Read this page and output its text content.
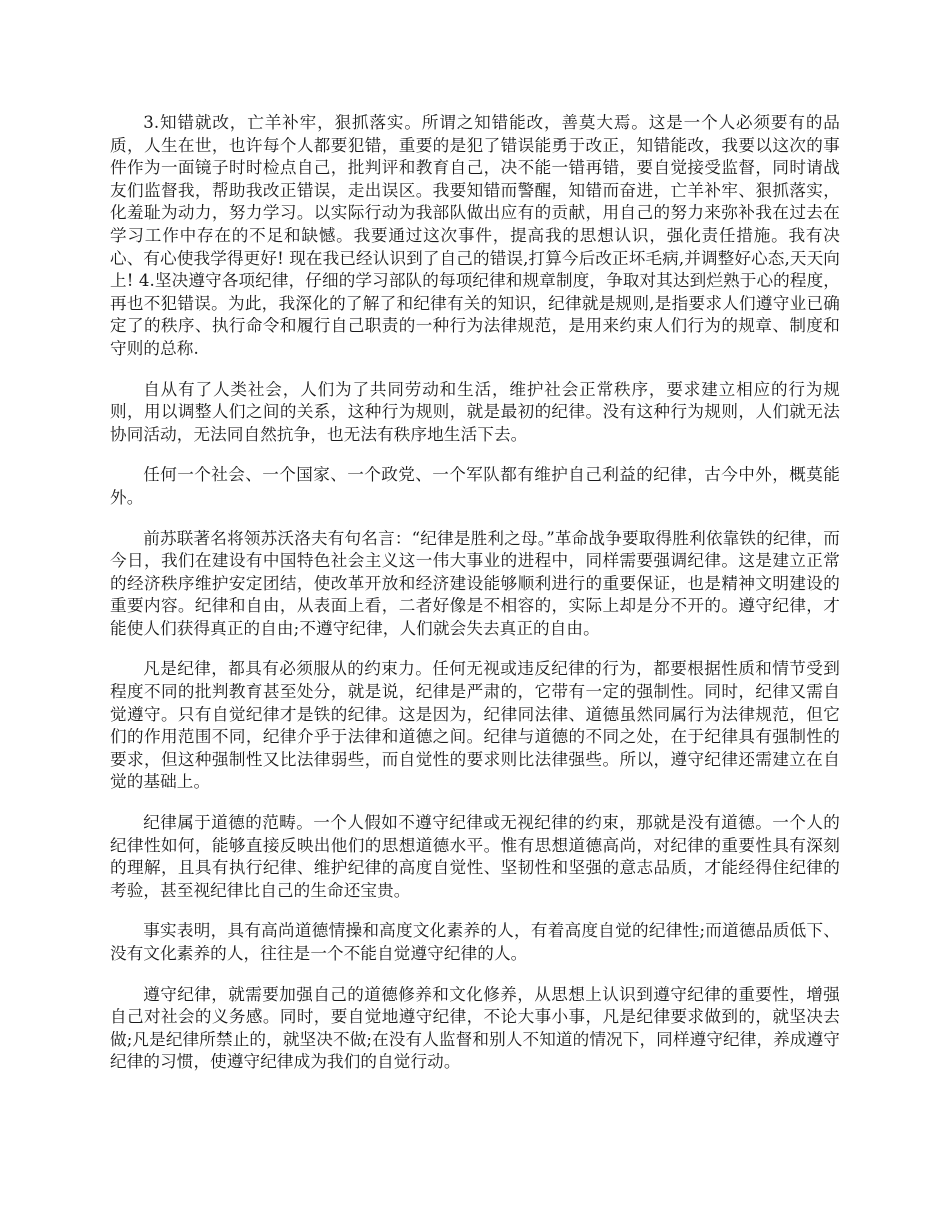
3.知错就改，亡羊补牢，狠抓落实。所谓之知错能改，善莫大焉。这是一个人必须要有的品质，人生在世，也许每个人都要犯错，重要的是犯了错误能勇于改正，知错能改，我要以这次的事件作为一面镜子时时检点自己，批判评和教育自己，决不能一错再错，要自觉接受监督，同时请战友们监督我，帮助我改正错误，走出误区。我要知错而警醒，知错而奋进，亡羊补牢、狠抓落实，化羞耻为动力，努力学习。以实际行动为我部队做出应有的贡献，用自己的努力来弥补我在过去在学习工作中存在的不足和缺憾。我要通过这次事件，提高我的思想认识，强化责任措施。我有决心、有心使我学得更好! 现在我已经认识到了自己的错误,打算今后改正坏毛病,并调整好心态,天天向上! 4.坚决遵守各项纪律，仔细的学习部队的每项纪律和规章制度，争取对其达到烂熟于心的程度，再也不犯错误。为此，我深化的了解了和纪律有关的知识，纪律就是规则,是指要求人们遵守业已确定了的秩序、执行命令和履行自己职责的一种行为法律规范，是用来约束人们行为的规章、制度和守则的总称.

自从有了人类社会，人们为了共同劳动和生活，维护社会正常秩序，要求建立相应的行为规则，用以调整人们之间的关系，这种行为规则，就是最初的纪律。没有这种行为规则，人们就无法协同活动，无法同自然抗争，也无法有秩序地生活下去。

任何一个社会、一个国家、一个政党、一个军队都有维护自己利益的纪律，古今中外，概莫能外。

前苏联著名将领苏沃洛夫有句名言：“纪律是胜利之母。”革命战争要取得胜利依靠铁的纪律，而今日，我们在建设有中国特色社会主义这一伟大事业的进程中，同样需要强调纪律。这是建立正常的经济秩序维护安定团结，使改革开放和经济建设能够顺利进行的重要保证，也是精神文明建设的重要内容。纪律和自由，从表面上看，二者好像是不相容的，实际上却是分不开的。遵守纪律，才能使人们获得真正的自由;不遵守纪律，人们就会失去真正的自由。

凡是纪律，都具有必须服从的约束力。任何无视或违反纪律的行为，都要根据性质和情节受到程度不同的批判教育甚至处分，就是说，纪律是严肃的，它带有一定的强制性。同时，纪律又需自觉遵守。只有自觉纪律才是铁的纪律。这是因为，纪律同法律、道德虽然同属行为法律规范，但它们的作用范围不同，纪律介乎于法律和道德之间。纪律与道德的不同之处，在于纪律具有强制性的要求，但这种强制性又比法律弱些，而自觉性的要求则比法律强些。所以，遵守纪律还需建立在自觉的基础上。

纪律属于道德的范畴。一个人假如不遵守纪律或无视纪律的约束，那就是没有道德。一个人的纪律性如何，能够直接反映出他们的思想道德水平。惟有思想道德高尚，对纪律的重要性具有深刻的理解，且具有执行纪律、维护纪律的高度自觉性、坚韧性和坚强的意志品质，才能经得住纪律的考验，甚至视纪律比自己的生命还宝贵。

事实表明，具有高尚道德情操和高度文化素养的人，有着高度自觉的纪律性;而道德品质低下、没有文化素养的人，往往是一个不能自觉遵守纪律的人。

遵守纪律，就需要加强自己的道德修养和文化修养，从思想上认识到遵守纪律的重要性，增强自己对社会的义务感。同时，要自觉地遵守纪律，不论大事小事，凡是纪律要求做到的，就坚决去做;凡是纪律所禁止的，就坚决不做;在没有人监督和别人不知道的情况下，同样遵守纪律，养成遵守纪律的习惯，使遵守纪律成为我们的自觉行动。
